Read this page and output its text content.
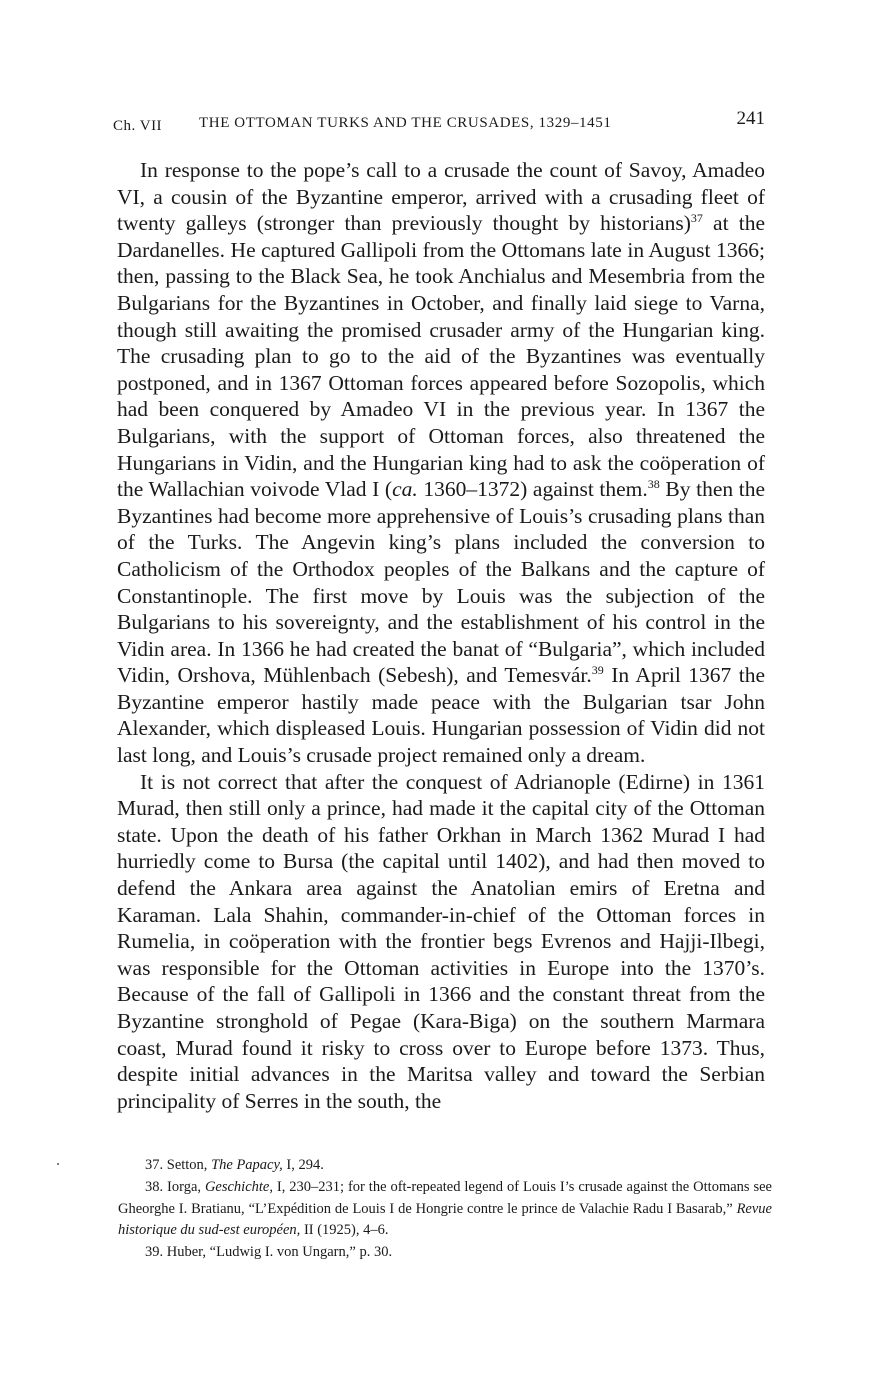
Ch. VII THE OTTOMAN TURKS AND THE CRUSADES, 1329–1451	241

In response to the pope’s call to a crusade the count of Savoy, Amadeo VI, a cousin of the Byzantine emperor, arrived with a crusading fleet of twenty galleys (stronger than previously thought by historians)$^{37}$ at the Dardanelles. He captured Gallipoli from the Ottomans late in August 1366; then, passing to the Black Sea, he took Anchialus and Mesembria from the Bulgarians for the Byzantines in October, and finally laid siege to Varna, though still awaiting the promised crusader army of the Hungarian king. The crusading plan to go to the aid of the Byzantines was eventually postponed, and in 1367 Ottoman forces appeared before Sozopolis, which had been conquered by Amadeo VI in the previous year. In 1367 the Bulgarians, with the support of Ottoman forces, also threatened the Hungarians in Vidin, and the Hungarian king had to ask the coöperation of the Wallachian voivode Vlad I (ca. 1360–1372) against them.$^{38}$ By then the Byzantines had become more apprehensive of Louis’s crusading plans than of the Turks. The Angevin king’s plans included the conversion to Catholicism of the Orthodox peoples of the Balkans and the capture of Constantinople. The first move by Louis was the subjection of the Bulgarians to his sovereignty, and the establishment of his control in the Vidin area. In 1366 he had created the banat of “Bulgaria”, which included Vidin, Orshova, Mühlenbach (Sebesh), and Temesvár.$^{39}$ In April 1367 the Byzantine emperor hastily made peace with the Bulgarian tsar John Alexander, which displeased Louis. Hungarian possession of Vidin did not last long, and Louis’s crusade project remained only a dream.

It is not correct that after the conquest of Adrianople (Edirne) in 1361 Murad, then still only a prince, had made it the capital city of the Ottoman state. Upon the death of his father Orkhan in March 1362 Murad I had hurriedly come to Bursa (the capital until 1402), and had then moved to defend the Ankara area against the Anatolian emirs of Eretna and Karaman. Lala Shahin, commander-in-chief of the Ottoman forces in Rumelia, in coöperation with the frontier begs Evrenos and Hajji-Ilbegi, was responsible for the Ottoman activities in Europe into the 1370’s. Because of the fall of Gallipoli in 1366 and the constant threat from the Byzantine stronghold of Pegae (Kara-Biga) on the southern Marmara coast, Murad found it risky to cross over to Europe before 1373. Thus, despite initial advances in the Maritsa valley and toward the Serbian principality of Serres in the south, the

37. Setton, The Papacy, I, 294.

38. Iorga, Geschichte, I, 230–231; for the oft-repeated legend of Louis I’s crusade against the Ottomans see Gheorghe I. Bratianu, “L’Expédition de Louis I de Hongrie contre le prince de Valachie Radu I Basarab,” Revue historique du sud-est européen, II (1925), 4–6.

39. Huber, “Ludwig I. von Ungarn,” p. 30.
